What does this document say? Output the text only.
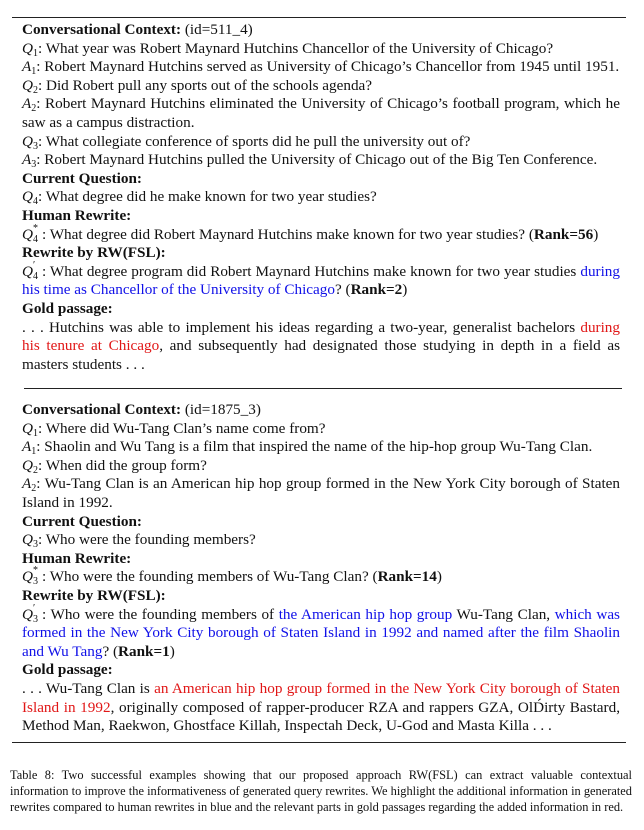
Conversational Context: (id=511_4)

$Q_1$: What year was Robert Maynard Hutchins Chancellor of the University of Chicago?

$A_1$: Robert Maynard Hutchins served as University of Chicago’s Chancellor from 1945 until 1951.

$Q_2$: Did Robert pull any sports out of the schools agenda?

$A_2$: Robert Maynard Hutchins eliminated the University of Chicago’s football program, which he saw as a campus distraction.

$Q_3$: What collegiate conference of sports did he pull the university out of?

$A_3$: Robert Maynard Hutchins pulled the University of Chicago out of the Big Ten Conference.

Current Question:

$Q_4$: What degree did he make known for two year studies?

Human Rewrite:

Q *
4 : What degree did Robert Maynard Hutchins make known for two year studies? (Rank=56)

Rewrite by RW(FSL):

Q ′
4 : What degree program did Robert Maynard Hutchins make known for two year studies during his time as Chancellor of the University of Chicago? (Rank=2)

Gold passage:

. . . Hutchins was able to implement his ideas regarding a two-year, generalist bachelors during his tenure at Chicago, and subsequently had designated those studying in depth in a field as masters students . . .

Conversational Context: (id=1875_3)

$Q_1$: Where did Wu-Tang Clan’s name come from?

$A_1$: Shaolin and Wu Tang is a film that inspired the name of the hip-hop group Wu-Tang Clan.

$Q_2$: When did the group form?

$A_2$: Wu-Tang Clan is an American hip hop group formed in the New York City borough of Staten Island in 1992.

Current Question:

$Q_3$: Who were the founding members?

Human Rewrite:

Q *
3 : Who were the founding members of Wu-Tang Clan? (Rank=14)

Rewrite by RW(FSL):

Q ′
3 : Who were the founding members of the American hip hop group Wu-Tang Clan, which was formed in the New York City borough of Staten Island in 1992 and named after the film Shaolin and Wu Tang? (Rank=1)

Gold passage:

. . . Wu-Tang Clan is an American hip hop group formed in the New York City borough of Staten Island in 1992, originally composed of rapper-producer RZA and rappers GZA, OlD́irty Bastard, Method Man, Raekwon, Ghostface Killah, Inspectah Deck, U-God and Masta Killa . . .

Table 8: Two successful examples showing that our proposed approach RW(FSL) can extract valuable contextual information to improve the informativeness of generated query rewrites. We highlight the additional information in generated rewrites compared to human rewrites in blue and the relevant parts in gold passages regarding the added information in red.
